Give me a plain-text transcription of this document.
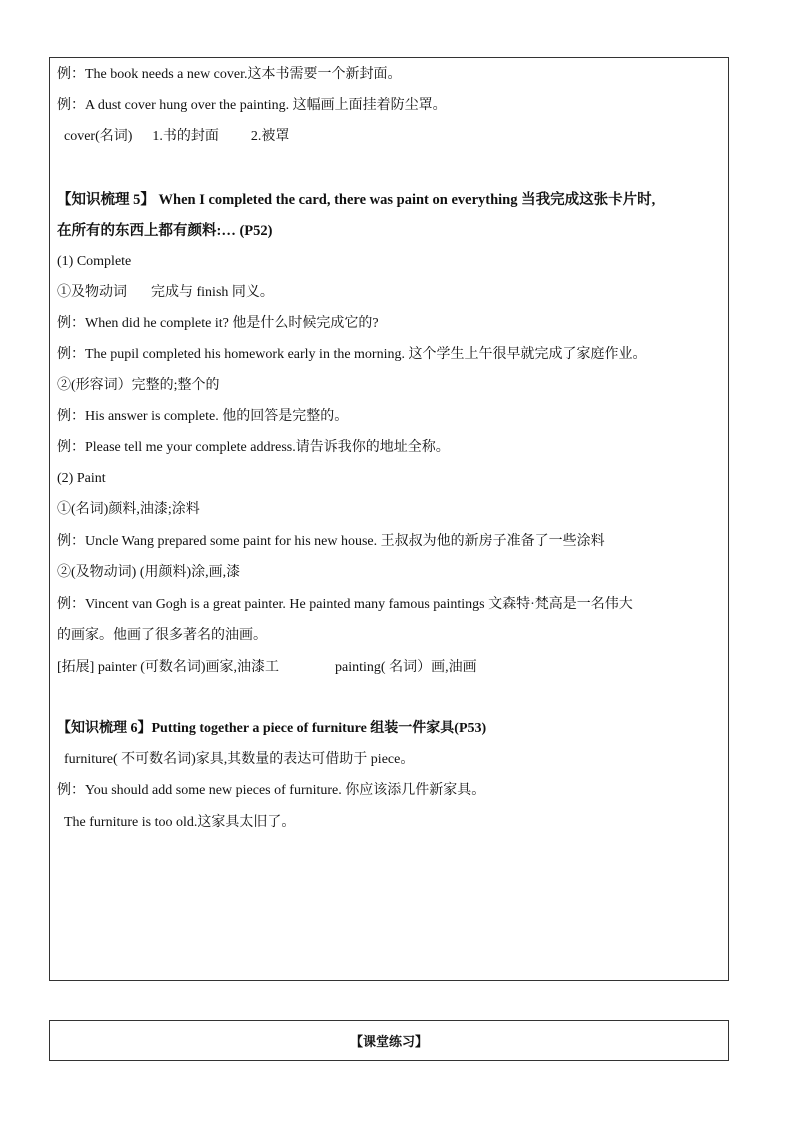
例：The book needs a new cover.这本书需要一个新封面。
例：A dust cover hung over the painting. 这幅画上面挂着防尘罩。
cover(名词) 1.书的封面 2.被罩
【知识梳理 5】 When I completed the card, there was paint on everything 当我完成这张卡片时,
在所有的东西上都有颜料:… (P52)
(1) Complete
①及物动词 完成与 finish 同义。
例：When did he complete it? 他是什么时候完成它的?
例：The pupil completed his homework early in the morning. 这个学生上午很早就完成了家庭作业。
②(形容词）完整的;整个的
例：His answer is complete. 他的回答是完整的。
例：Please tell me your complete address.请告诉我你的地址全称。
(2) Paint
①(名词)颜料,油漆;涂料
例：Uncle Wang prepared some paint for his new house. 王叔叔为他的新房子准备了一些涂料
②(及物动词) (用颜料)涂,画,漆
例：Vincent van Gogh is a great painter. He painted many famous paintings 文森特·梵高是一名伟大
的画家。他画了很多著名的油画。
[拓展] painter (可数名词)画家,油漆工	painting( 名词）画,油画
【知识梳理 6】Putting together a piece of furniture 组装一件家具(P53)
furniture( 不可数名词)家具,其数量的表达可借助于 piece。
例：You should add some new pieces of furniture. 你应该添几件新家具。
The furniture is too old.这家具太旧了。
【课堂练习】
